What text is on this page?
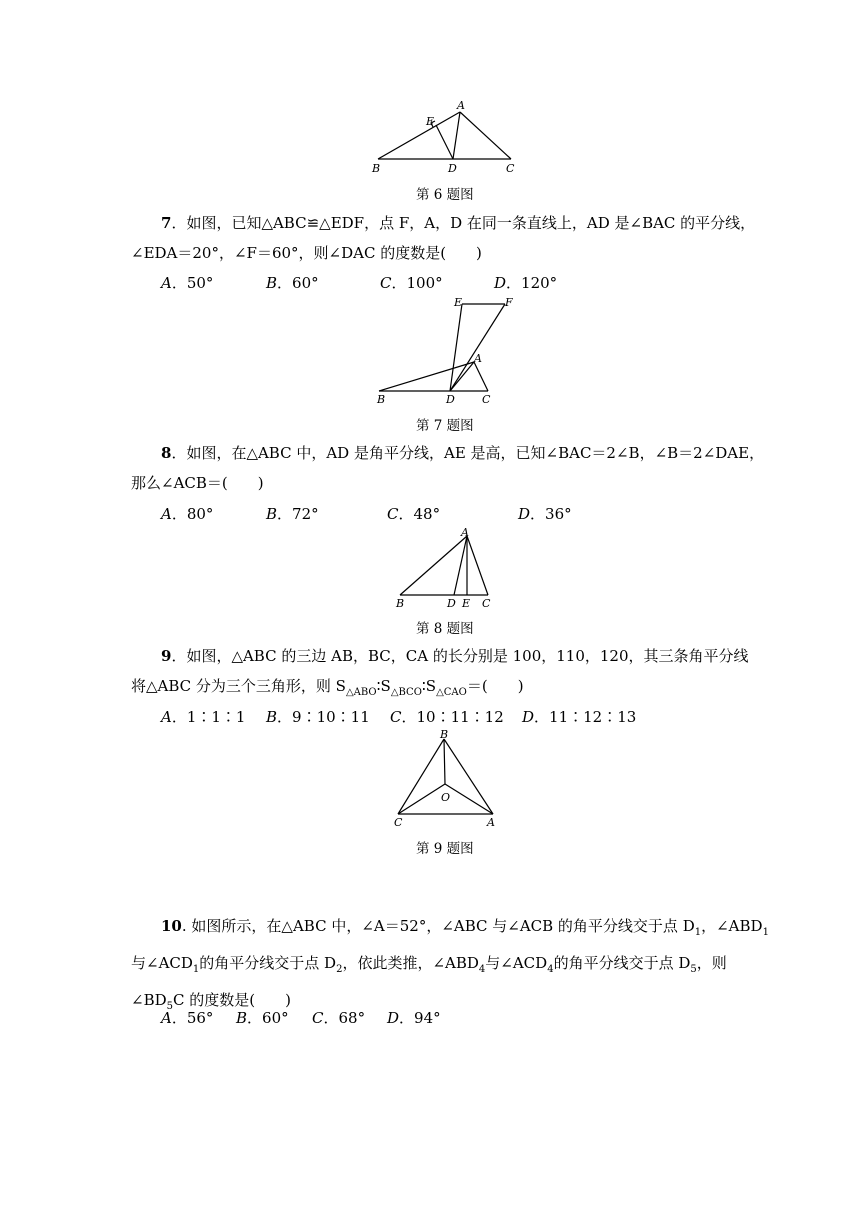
A
E
B	D	C
第 6 题图
7．如图，已知△ABC≌△EDF，点 F，A，D 在同一条直线上，AD 是∠BAC 的平分线，
∠EDA＝20°，∠F＝60°，则∠DAC 的度数是(　　)
A．50°	B．60°	C．100°	D．120°
E	F
A
B	D C
第 7 题图
8．如图，在△ABC 中，AD 是角平分线，AE 是高，已知∠BAC＝2∠B，∠B＝2∠DAE，
那么∠ACB＝(　　)
A．80°	B．72°	C．48°	D．36°
A
B	D E C
第 8 题图
9．如图，△ABC 的三边 AB，BC，CA 的长分别是 100，110，120，其三条角平分线
将△ABC 分为三个三角形，则 $S_{\triangle ABO}∶S_{\triangle BCO}∶S_{\triangle CAO}=$(　　)
A．1∶1∶1 B．9∶10∶11 C．10∶11∶12 D．11∶12∶13
B
O
C	A
第 9 题图
10. 如图所示，在△ABC 中，∠A＝52°，∠ABC 与∠ACB 的角平分线交于点 $D_1$，$\angle ABD_1$
与$\angle ACD_1$的角平分线交于点 $D_2$，依此类推，$\angle ABD_4$与$\angle ACD_4$的角平分线交于点 $D_5$，则
$\angle BD_5C$ 的度数是(　　)
A．56° B．60° C．68° D．94°
